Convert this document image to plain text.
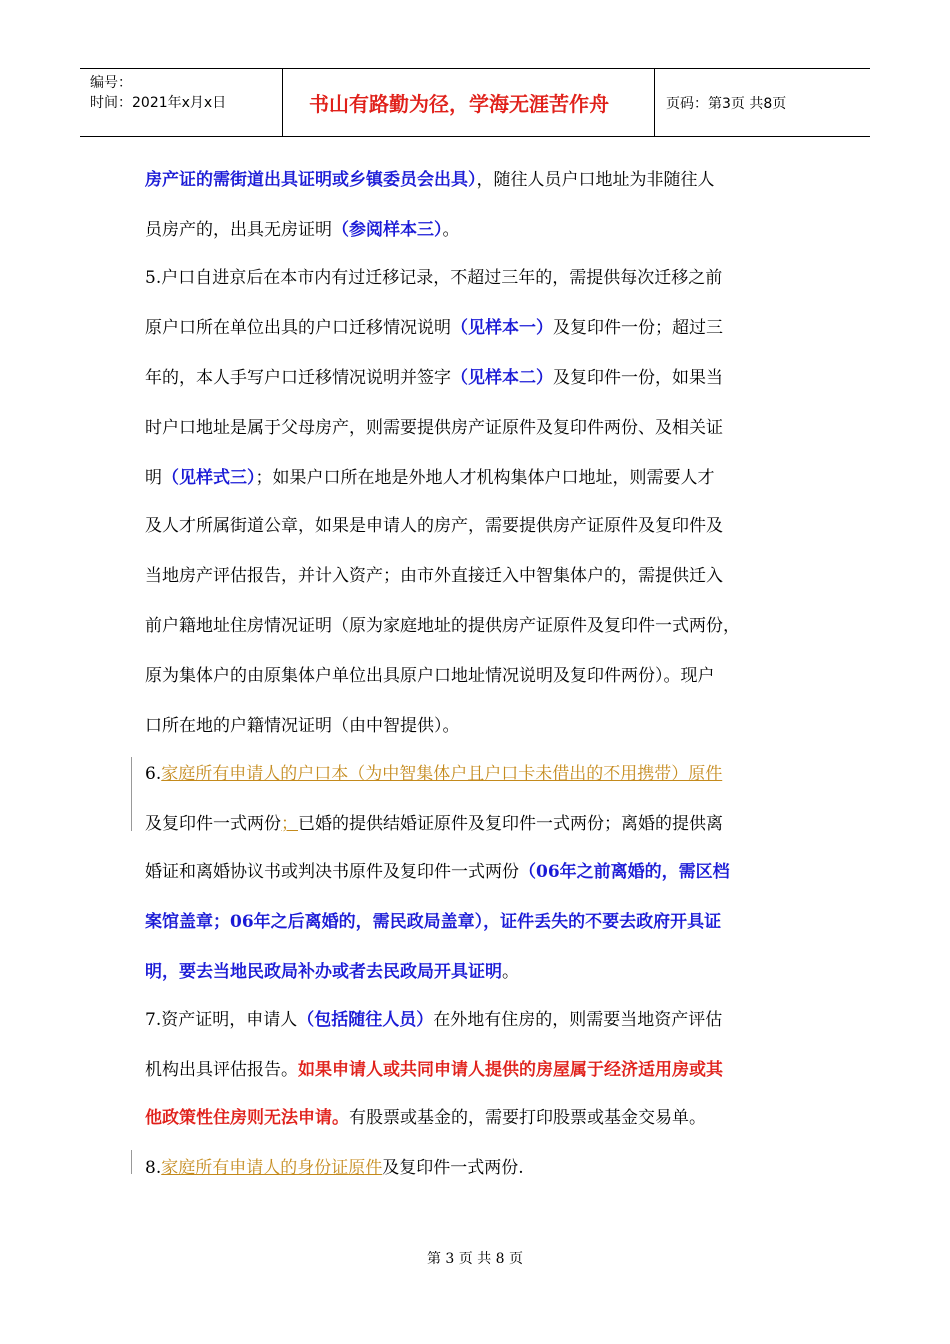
编号：
时间：2021年x月x日	书山有路勤为径，学海无涯苦作舟	页码：第3页 共8页
房产证的需街道出具证明或乡镇委员会出具），随往人员户口地址为非随往人
员房产的，出具无房证明（参阅样本三）。
5.户口自进京后在本市内有过迁移记录，不超过三年的，需提供每次迁移之前
原户口所在单位出具的户口迁移情况说明（见样本一）及复印件一份；超过三
年的，本人手写户口迁移情况说明并签字（见样本二）及复印件一份，如果当
时户口地址是属于父母房产，则需要提供房产证原件及复印件两份、及相关证
明（见样式三）；如果户口所在地是外地人才机构集体户口地址，则需要人才
及人才所属街道公章，如果是申请人的房产，需要提供房产证原件及复印件及
当地房产评估报告，并计入资产；由市外直接迁入中智集体户的，需提供迁入
前户籍地址住房情况证明（原为家庭地址的提供房产证原件及复印件一式两份，
原为集体户的由原集体户单位出具原户口地址情况说明及复印件两份）。现户
口所在地的户籍情况证明（由中智提供）。
6.家庭所有申请人的户口本（为中智集体户且户口卡未借出的不用携带）原件
及复印件一式两份；已婚的提供结婚证原件及复印件一式两份；离婚的提供离
婚证和离婚协议书或判决书原件及复印件一式两份（06年之前离婚的，需区档
案馆盖章；06年之后离婚的，需民政局盖章），证件丢失的不要去政府开具证
明，要去当地民政局补办或者去民政局开具证明。
7.资产证明，申请人（包括随往人员）在外地有住房的，则需要当地资产评估
机构出具评估报告。如果申请人或共同申请人提供的房屋属于经济适用房或其
他政策性住房则无法申请。有股票或基金的，需要打印股票或基金交易单。
8.家庭所有申请人的身份证原件及复印件一式两份.
第 3 页 共 8 页
